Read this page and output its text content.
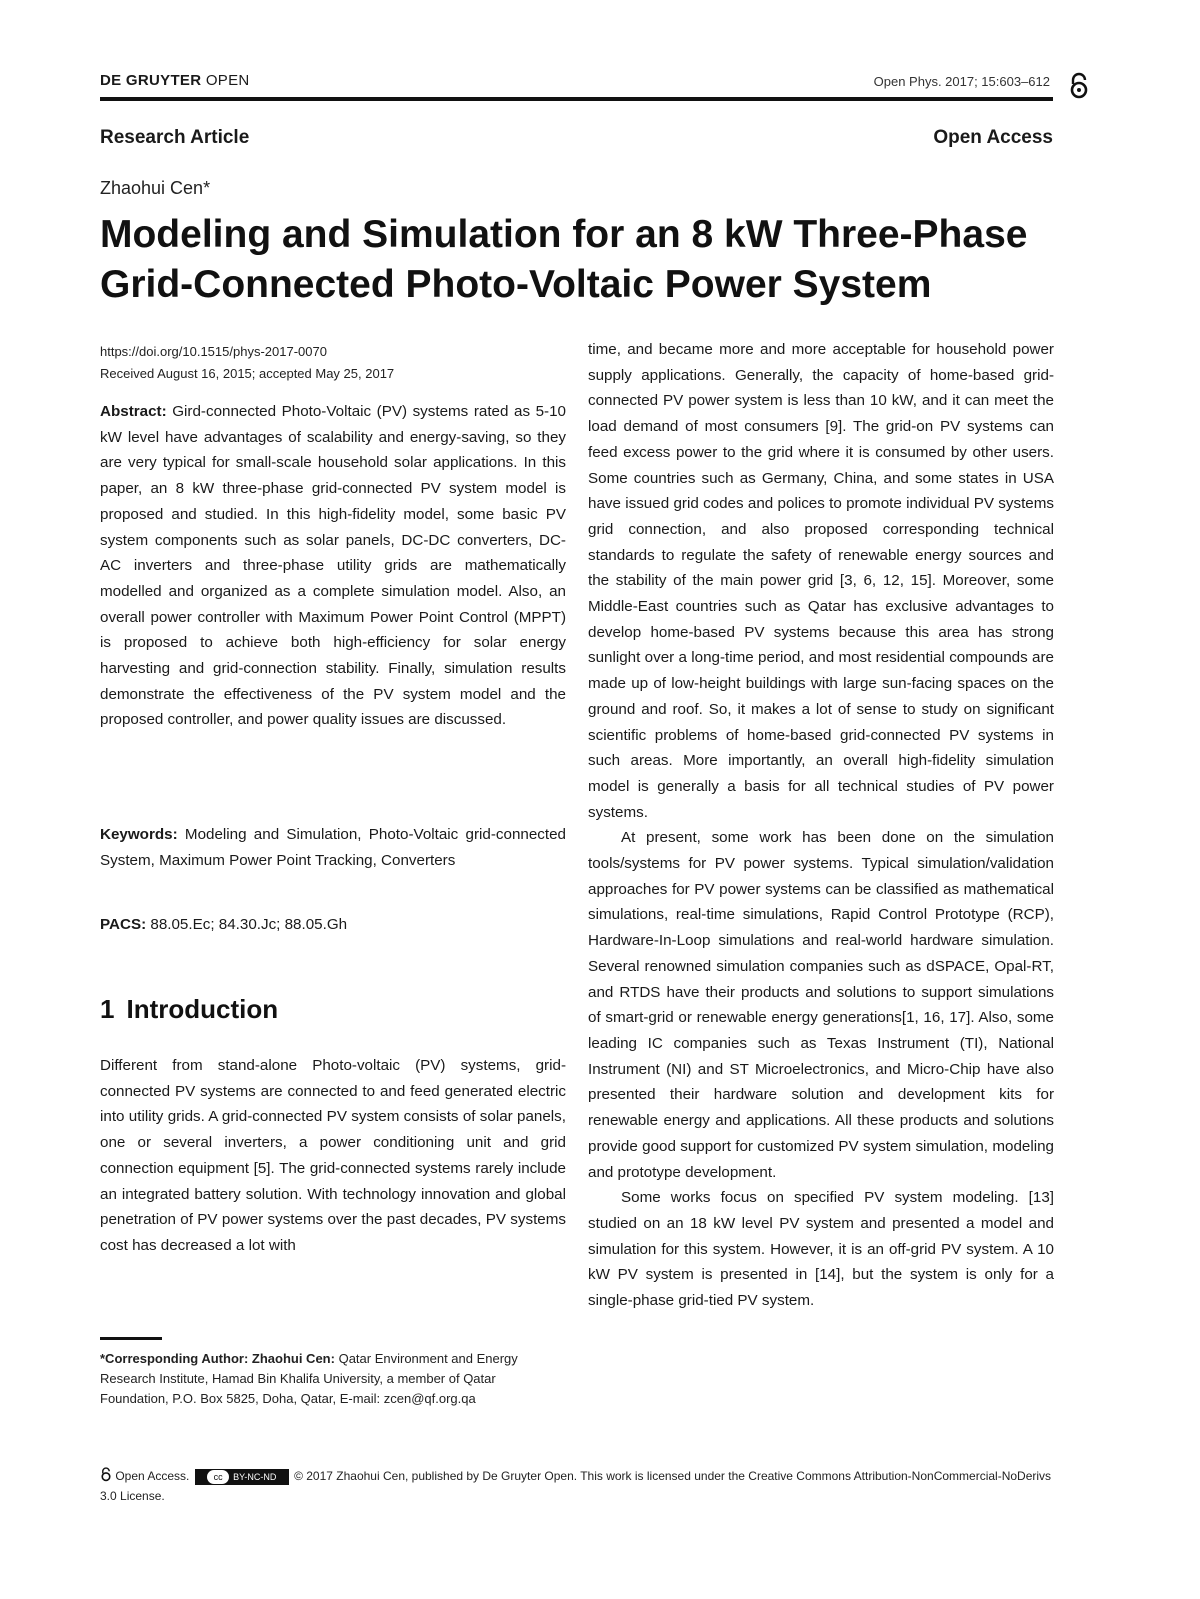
DE GRUYTER OPEN	Open Phys. 2017; 15:603–612
Research Article	Open Access
Zhaohui Cen*
Modeling and Simulation for an 8 kW Three-Phase
Grid-Connected Photo-Voltaic Power System
https://doi.org/10.1515/phys-2017-0070
Received August 16, 2015; accepted May 25, 2017
Abstract: Gird-connected Photo-Voltaic (PV) systems rated as 5-10 kW level have advantages of scalability and energy-saving, so they are very typical for small-scale household solar applications. In this paper, an 8 kW three-phase grid-connected PV system model is proposed and studied. In this high-fidelity model, some basic PV system components such as solar panels, DC-DC converters, DC-AC inverters and three-phase utility grids are mathematically modelled and organized as a complete simulation model. Also, an overall power controller with Maximum Power Point Control (MPPT) is proposed to achieve both high-efficiency for solar energy harvesting and grid-connection stability. Finally, simulation results demonstrate the effectiveness of the PV system model and the proposed controller, and power quality issues are discussed.
Keywords: Modeling and Simulation, Photo-Voltaic grid-connected System, Maximum Power Point Tracking, Converters
PACS: 88.05.Ec; 84.30.Jc; 88.05.Gh
1 Introduction
Different from stand-alone Photo-voltaic (PV) systems, grid-connected PV systems are connected to and feed generated electric into utility grids. A grid-connected PV system consists of solar panels, one or several inverters, a power conditioning unit and grid connection equipment [5]. The grid-connected systems rarely include an integrated battery solution. With technology innovation and global penetration of PV power systems over the past decades, PV systems cost has decreased a lot with
*Corresponding Author: Zhaohui Cen: Qatar Environment and Energy Research Institute, Hamad Bin Khalifa University, a member of Qatar Foundation, P.O. Box 5825, Doha, Qatar, E-mail: zcen@qf.org.qa

time, and became more and more acceptable for household power supply applications. Generally, the capacity of home-based grid-connected PV power system is less than 10 kW, and it can meet the load demand of most consumers [9]. The grid-on PV systems can feed excess power to the grid where it is consumed by other users. Some countries such as Germany, China, and some states in USA have issued grid codes and polices to promote individual PV systems grid connection, and also proposed corresponding technical standards to regulate the safety of renewable energy sources and the stability of the main power grid [3, 6, 12, 15]. Moreover, some Middle-East countries such as Qatar has exclusive advantages to develop home-based PV systems because this area has strong sunlight over a long-time period, and most residential compounds are made up of low-height buildings with large sun-facing spaces on the ground and roof. So, it makes a lot of sense to study on significant scientific problems of home-based grid-connected PV systems in such areas. More importantly, an overall high-fidelity simulation model is generally a basis for all technical studies of PV power systems.

At present, some work has been done on the simulation tools/systems for PV power systems. Typical simulation/validation approaches for PV power systems can be classified as mathematical simulations, real-time simulations, Rapid Control Prototype (RCP), Hardware-In-Loop simulations and real-world hardware simulation. Several renowned simulation companies such as dSPACE, Opal-RT, and RTDS have their products and solutions to support simulations of smart-grid or renewable energy generations[1, 16, 17]. Also, some leading IC companies such as Texas Instrument (TI), National Instrument (NI) and ST Microelectronics, and Micro-Chip have also presented their hardware solution and development kits for renewable energy and applications. All these products and solutions provide good support for customized PV system simulation, modeling and prototype development.

Some works focus on specified PV system modeling. [13] studied on an 18 kW level PV system and presented a model and simulation for this system. However, it is an off-grid PV system. A 10 kW PV system is presented in [14], but the system is only for a single-phase grid-tied PV system.

Open Access.	cc BY-NC-ND © 2017 Zhaohui Cen, published by De Gruyter Open. This work is licensed under the Creative Commons Attribution-NonCommercial-NoDerivs 3.0 License.
